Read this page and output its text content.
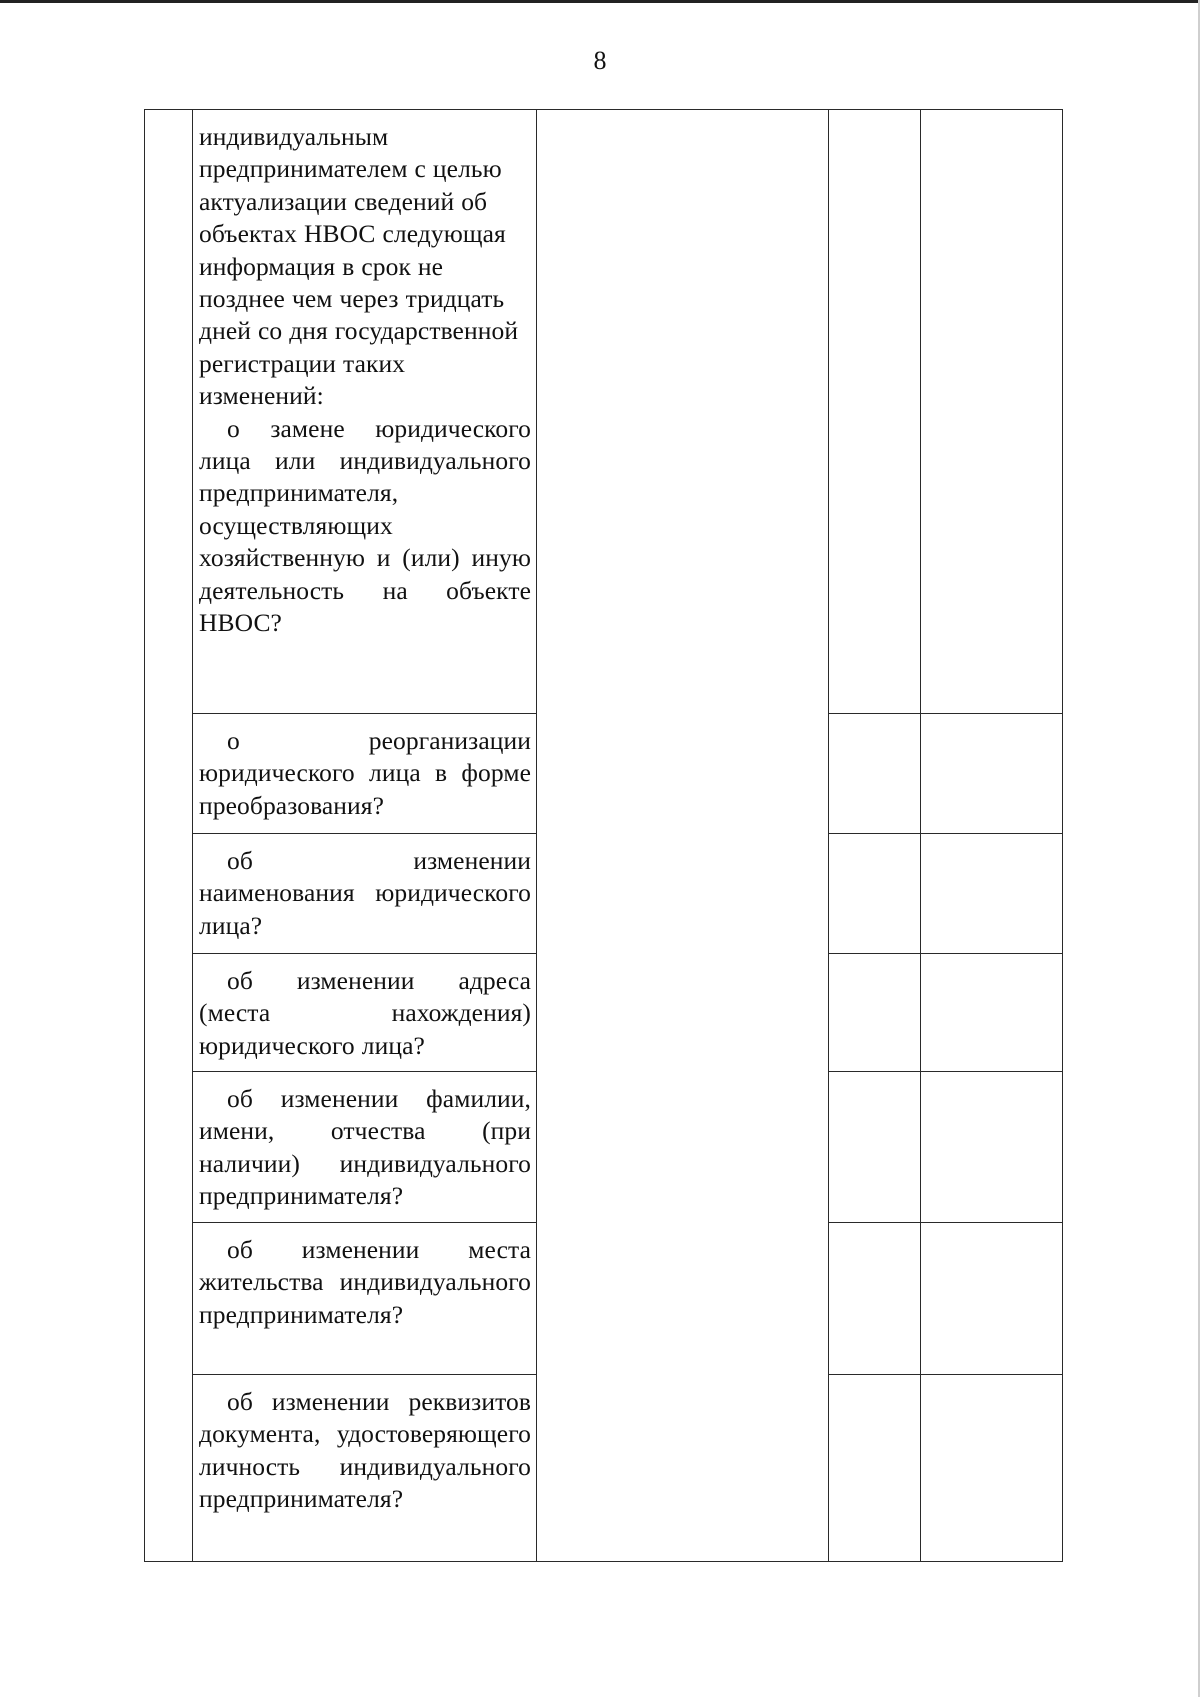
8

	индивидуальным предпринимателем с целью актуализации сведений об объектах НВОС следующая информация в срок не позднее чем через тридцать дней со дня государственной регистрации таких изменений:
о замене юридического лица или индивидуального предпринимателя, осуществляющих хозяйственную и (или) иную деятельность на объекте НВОС?			

	о реорганизации юридического лица в форме преобразования?			

	об изменении наименования юридического лица?			

	об изменении адреса (места нахождения) юридического лица?			

	об изменении фамилии, имени, отчества (при наличии) индивидуального предпринимателя?			

	об изменении места жительства индивидуального предпринимателя?			

	об изменении реквизитов документа, удостоверяющего личность индивидуального предпринимателя?			
